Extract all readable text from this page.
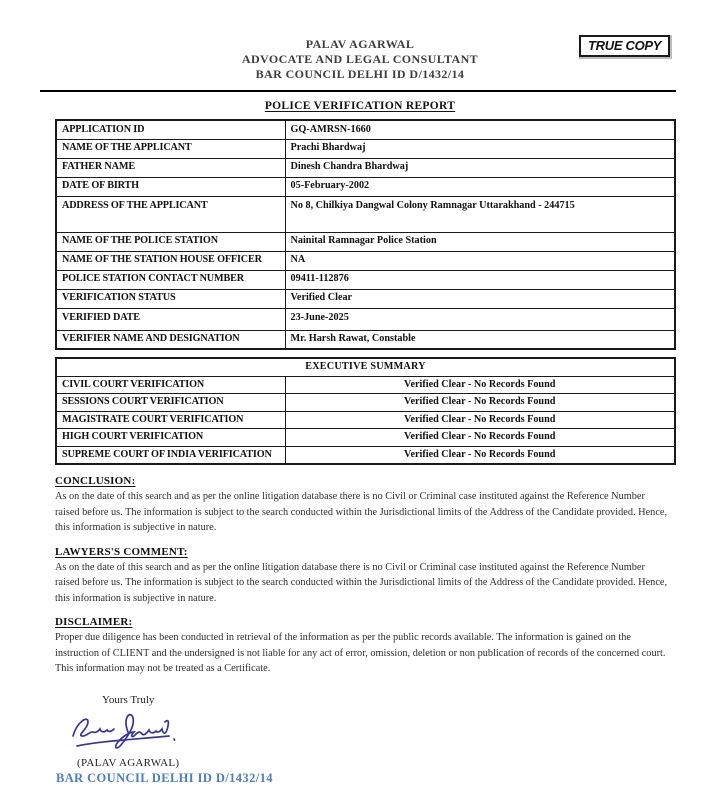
TRUE COPY
PALAV AGARWAL
ADVOCATE AND LEGAL CONSULTANT
BAR COUNCIL DELHI ID D/1432/14
POLICE VERIFICATION REPORT
APPLICATION ID	GQ-AMRSN-1660
NAME OF THE APPLICANT	Prachi Bhardwaj
FATHER NAME	Dinesh Chandra Bhardwaj
DATE OF BIRTH	05-February-2002
ADDRESS OF THE APPLICANT	No 8, Chilkiya Dangwal Colony Ramnagar Uttarakhand - 244715
NAME OF THE POLICE STATION	Nainital Ramnagar Police Station
NAME OF THE STATION HOUSE OFFICER	NA
POLICE STATION CONTACT NUMBER	09411-112876
VERIFICATION STATUS	Verified Clear
VERIFIED DATE	23-June-2025
VERIFIER NAME AND DESIGNATION	Mr. Harsh Rawat, Constable
EXECUTIVE SUMMARY	
CIVIL COURT VERIFICATION	Verified Clear - No Records Found
SESSIONS COURT VERIFICATION	Verified Clear - No Records Found
MAGISTRATE COURT VERIFICATION	Verified Clear - No Records Found
HIGH COURT VERIFICATION	Verified Clear - No Records Found
SUPREME COURT OF INDIA VERIFICATION	Verified Clear - No Records Found
CONCLUSION:

As on the date of this search and as per the online litigation database there is no Civil or Criminal case instituted against the Reference Number raised before us. The information is subject to the search conducted within the Jurisdictional limits of the Address of the Candidate provided. Hence, this information is subjective in nature.

LAWYERS'S COMMENT:

As on the date of this search and as per the online litigation database there is no Civil or Criminal case instituted against the Reference Number raised before us. The information is subject to the search conducted within the Jurisdictional limits of the Address of the Candidate provided. Hence, this information is subjective in nature.

DISCLAIMER:

Proper due diligence has been conducted in retrieval of the information as per the public records available. The information is gained on the instruction of CLIENT and the undersigned is not liable for any act of error, omission, deletion or non publication of records of the concerned court. This information may not be treated as a Certificate.

Yours Truly
(PALAV AGARWAL)
BAR COUNCIL DELHI ID D/1432/14
